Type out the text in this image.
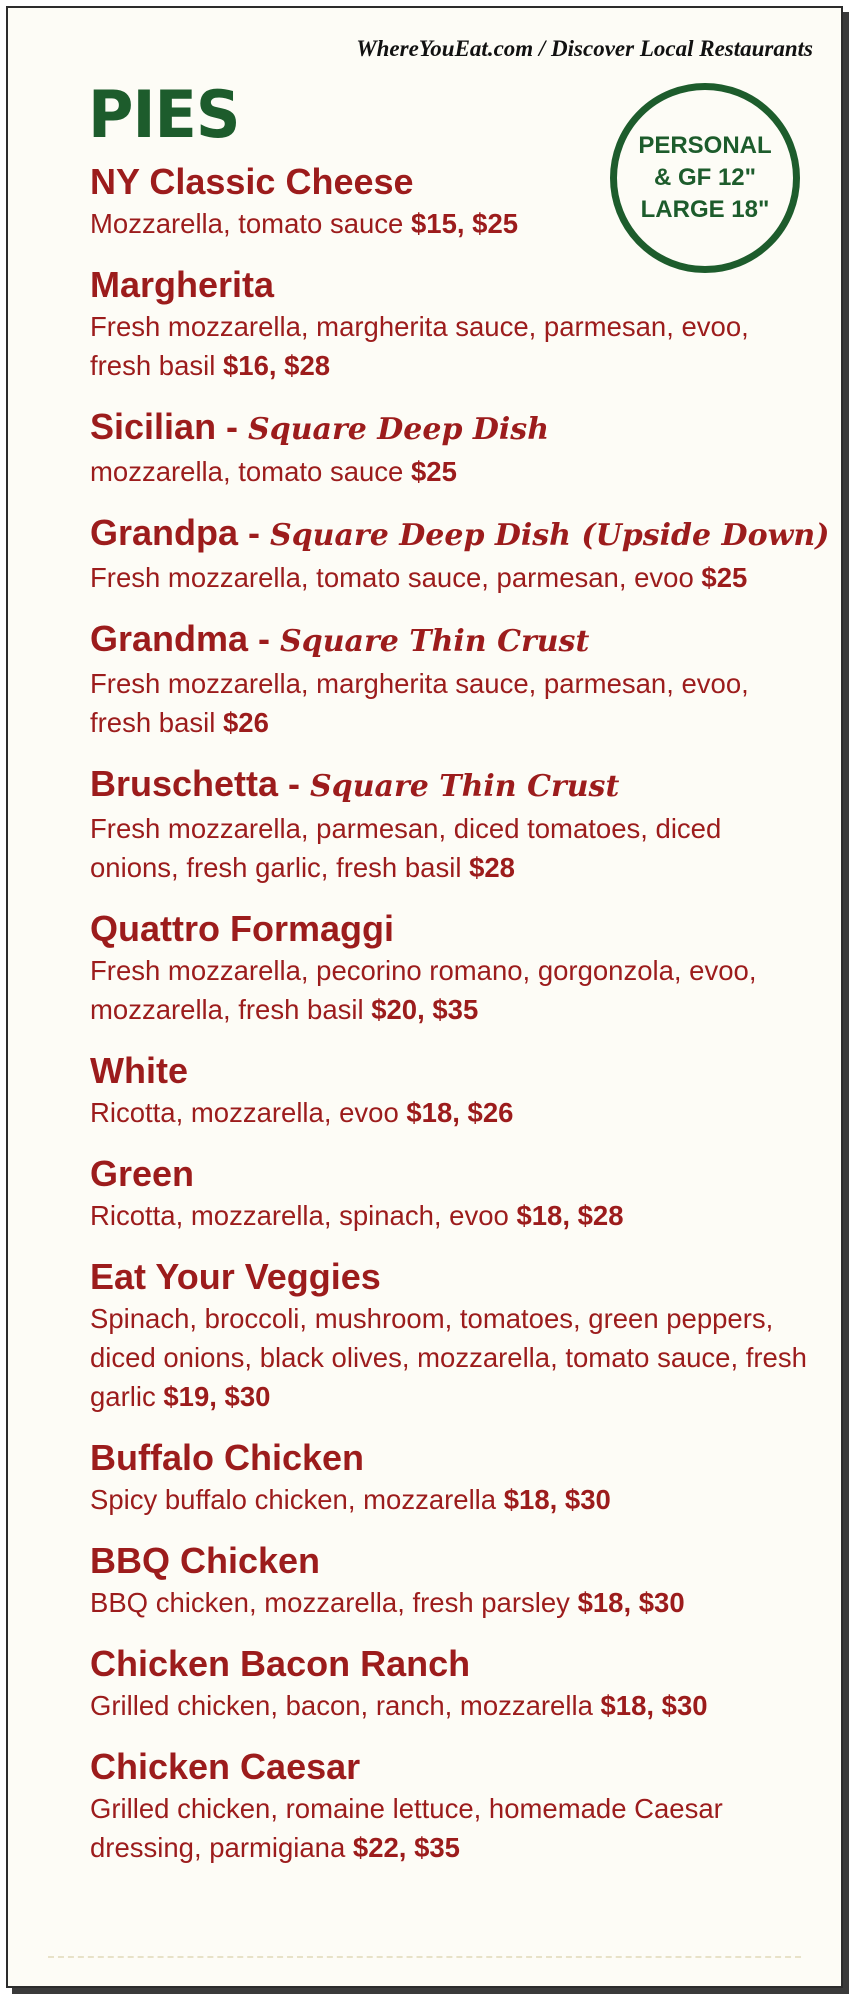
WhereYouEat.com / Discover Local Restaurants
PIES	PERSONAL
& GF 12"
LARGE 18"
NY Classic Cheese
Mozzarella, tomato sauce $15, $25
Margherita
Fresh mozzarella, margherita sauce, parmesan, evoo, fresh basil $16, $28
Sicilian - Square Deep Dish
mozzarella, tomato sauce $25
Grandpa - Square Deep Dish (Upside Down)
Fresh mozzarella, tomato sauce, parmesan, evoo $25
Grandma - Square Thin Crust
Fresh mozzarella, margherita sauce, parmesan, evoo, fresh basil $26
Bruschetta - Square Thin Crust
Fresh mozzarella, parmesan, diced tomatoes, diced onions, fresh garlic, fresh basil $28
Quattro Formaggi
Fresh mozzarella, pecorino romano, gorgonzola, evoo, mozzarella, fresh basil $20, $35
White
Ricotta, mozzarella, evoo $18, $26
Green
Ricotta, mozzarella, spinach, evoo $18, $28
Eat Your Veggies
Spinach, broccoli, mushroom, tomatoes, green peppers, diced onions, black olives, mozzarella, tomato sauce, fresh garlic $19, $30
Buffalo Chicken
Spicy buffalo chicken, mozzarella $18, $30
BBQ Chicken
BBQ chicken, mozzarella, fresh parsley $18, $30
Chicken Bacon Ranch
Grilled chicken, bacon, ranch, mozzarella $18, $30
Chicken Caesar
Grilled chicken, romaine lettuce, homemade Caesar dressing, parmigiana $22, $35
